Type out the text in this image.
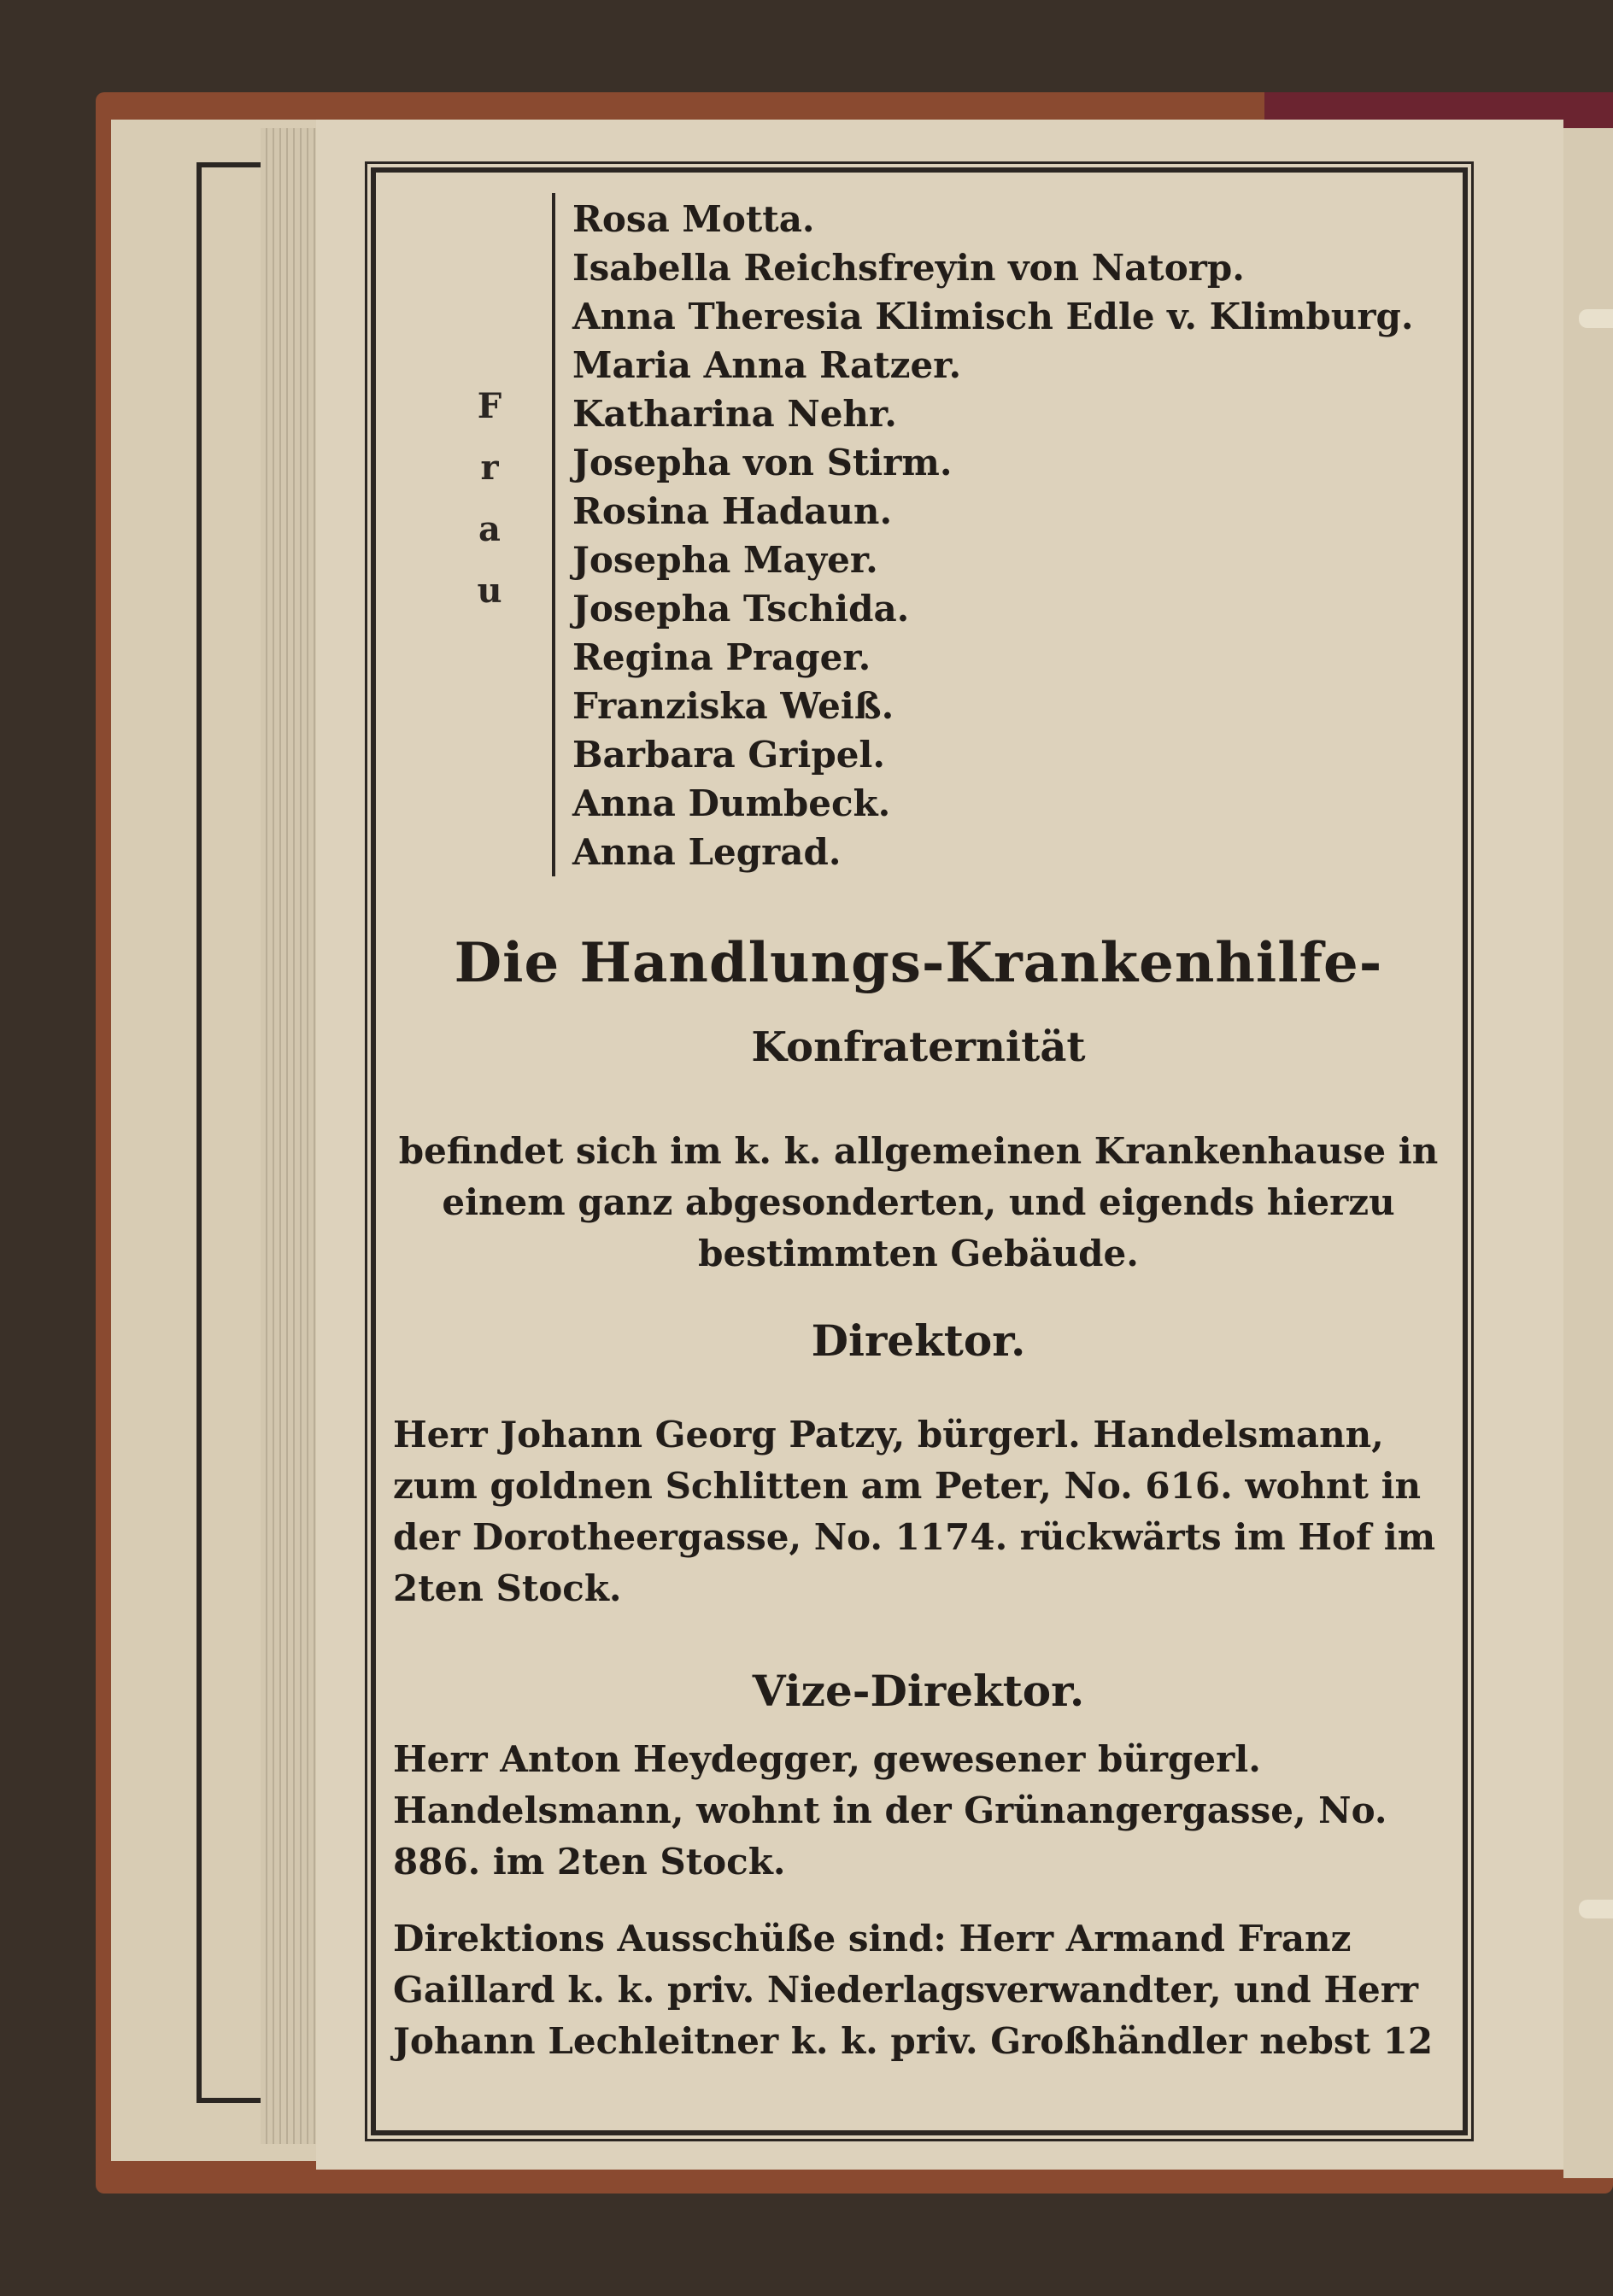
F
r
a
u
Rosa Motta.
Isabella Reichsfreyin von Natorp.
Anna Theresia Klimisch Edle v. Klimburg.
Maria Anna Ratzer.
Katharina Nehr.
Josepha von Stirm.
Rosina Hadaun.
Josepha Mayer.
Josepha Tschida.
Regina Prager.
Franziska Weiß.
Barbara Gripel.
Anna Dumbeck.
Anna Legrad.
Die Handlungs-Krankenhilfe-
Konfraternität
befindet sich im k. k. allgemeinen Krankenhause in einem ganz abgesonderten, und eigends hierzu bestimmten Gebäude.
Direktor.
Herr Johann Georg Patzy, bürgerl. Handelsmann, zum goldnen Schlitten am Peter, No. 616. wohnt in der Dorotheergasse, No. 1174. rückwärts im Hof im 2ten Stock.
Vize-Direktor.
Herr Anton Heydegger, gewesener bürgerl. Handelsmann, wohnt in der Grünangergasse, No. 886. im 2ten Stock.
Direktions Ausschüße sind: Herr Armand Franz Gaillard k. k. priv. Niederlagsverwandter, und Herr Johann Lechleitner k. k. priv. Großhändler nebst 12
